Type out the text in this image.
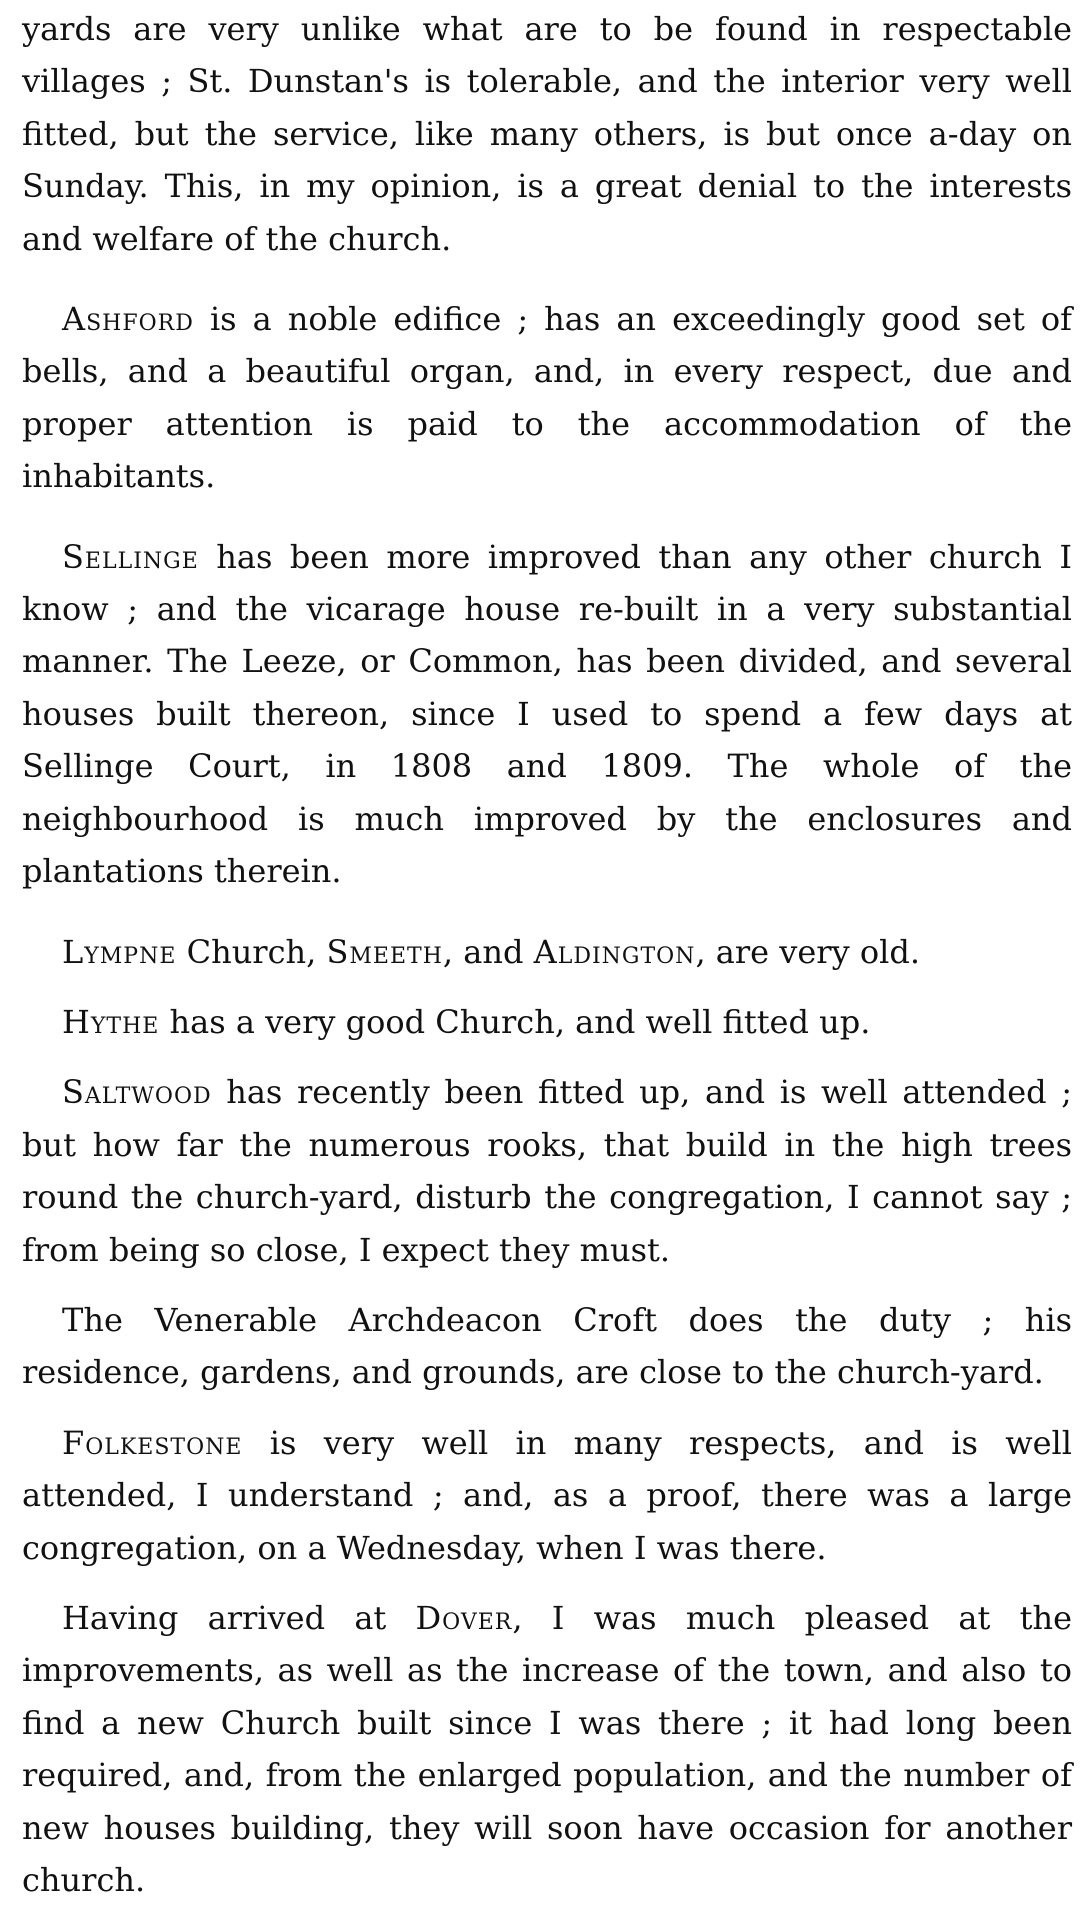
yards are very unlike what are to be found in respectable villages ; St. Dunstan's is tolerable, and the interior very well fitted, but the service, like many others, is but once a-day on Sunday. This, in my opinion, is a great denial to the interests and welfare of the church.

Ashford is a noble edifice ; has an exceedingly good set of bells, and a beautiful organ, and, in every respect, due and proper attention is paid to the accommodation of the inhabitants.

Sellinge has been more improved than any other church I know ; and the vicarage house re-built in a very substantial manner. The Leeze, or Common, has been divided, and several houses built thereon, since I used to spend a few days at Sellinge Court, in 1808 and 1809. The whole of the neighbourhood is much improved by the enclosures and plantations therein.

Lympne Church, Smeeth, and Aldington, are very old.

Hythe has a very good Church, and well fitted up.

Saltwood has recently been fitted up, and is well attended ; but how far the numerous rooks, that build in the high trees round the church-yard, disturb the congregation, I cannot say ; from being so close, I expect they must.

The Venerable Archdeacon Croft does the duty ; his residence, gardens, and grounds, are close to the church-yard.

Folkestone is very well in many respects, and is well attended, I understand ; and, as a proof, there was a large congregation, on a Wednesday, when I was there.

Having arrived at Dover, I was much pleased at the improvements, as well as the increase of the town, and also to find a new Church built since I was there ; it had long been required, and, from the enlarged population, and the number of new houses building, they will soon have occasion for another church.
